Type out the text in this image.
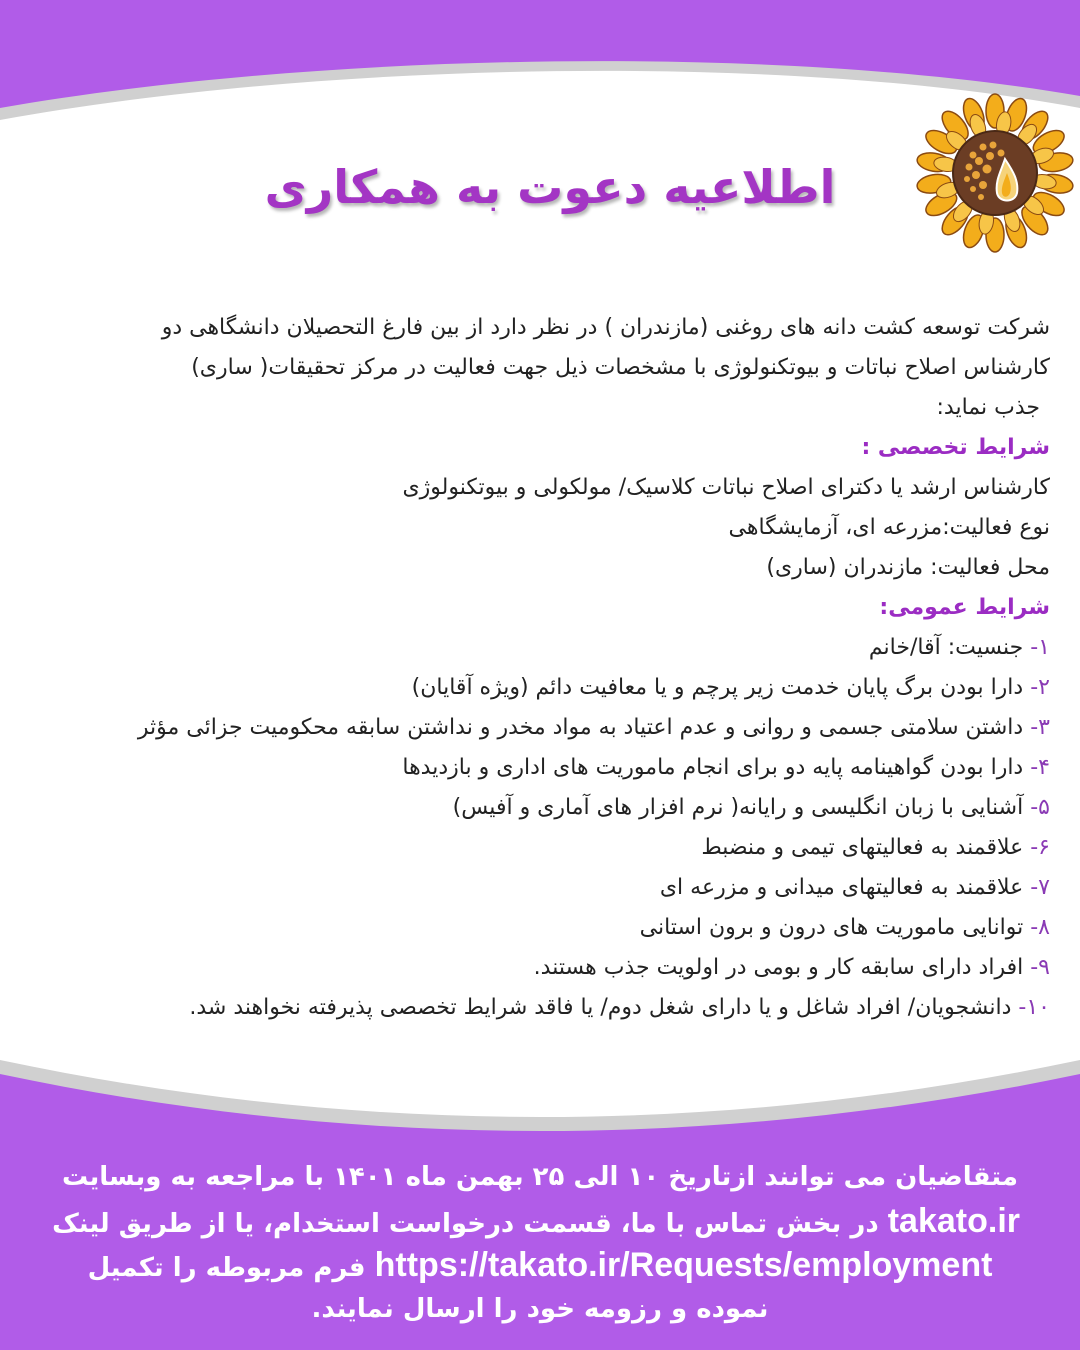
اطلاعیه دعوت به همکاری
شرکت توسعه کشت دانه های روغنی (مازندران ) در نظر دارد از بین فارغ التحصیلان دانشگاهی دو
کارشناس اصلاح نباتات و بیوتکنولوژی با مشخصات ذیل جهت فعالیت در مرکز تحقیقات( ساری)
جذب نماید:
شرایط تخصصی :
کارشناس ارشد یا دکترای اصلاح نباتات کلاسیک/ مولکولی و بیوتکنولوژی
نوع فعالیت:مزرعه ای، آزمایشگاهی
محل فعالیت: مازندران (ساری)
شرایط عمومی:
۱- جنسیت: آقا/خانم
۲- دارا بودن برگ پایان خدمت زیر پرچم و یا معافیت دائم (ویژه آقایان)
۳- داشتن سلامتی جسمی و روانی و عدم اعتیاد به مواد مخدر و نداشتن سابقه محکومیت جزائی مؤثر
۴- دارا بودن گواهینامه پایه دو برای انجام ماموریت های اداری و بازدیدها
۵- آشنایی با زبان انگلیسی و رایانه( نرم افزار های آماری و آفیس)
۶- علاقمند به فعالیتهای تیمی و منضبط
۷- علاقمند به فعالیتهای میدانی و مزرعه ای
۸- توانایی ماموریت های درون و برون استانی
۹- افراد دارای سابقه کار و بومی در اولویت جذب هستند.
۱۰- دانشجویان/ افراد شاغل و یا دارای شغل دوم/ یا فاقد شرایط تخصصی پذیرفته نخواهند شد.
متقاضیان می توانند ازتاریخ ۱۰ الی ۲۵ بهمن ماه ۱۴۰۱ با مراجعه به وبسایت
takato.ir در بخش تماس با ما، قسمت درخواست استخدام، یا از طریق لینک
https://takato.ir/Requests/employment فرم مربوطه را تکمیل
نموده و رزومه خود را ارسال نمایند.
